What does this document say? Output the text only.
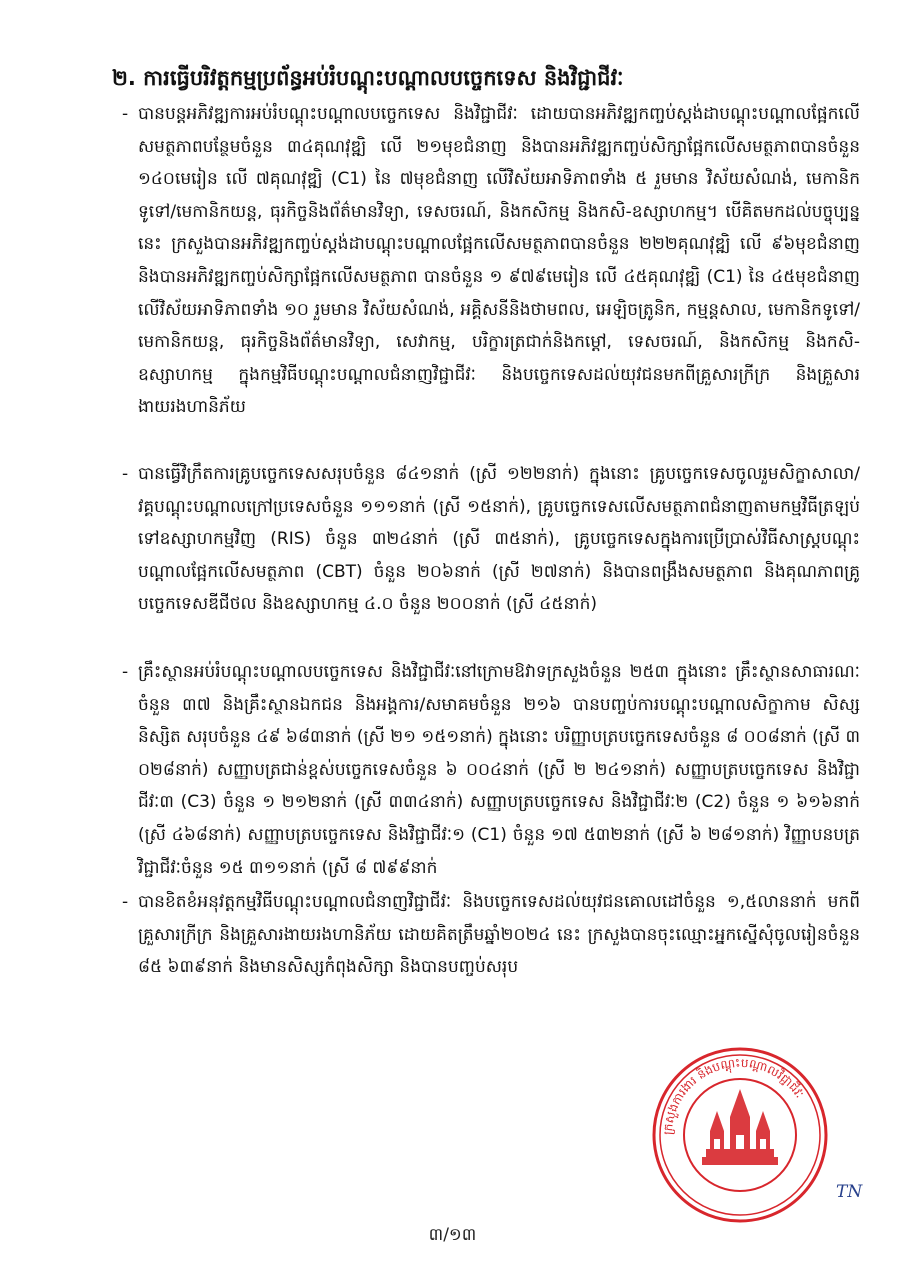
២. ការធ្វើបរិវត្តកម្មប្រព័ន្ធអប់រំបណ្តុះបណ្តាលបច្ចេកទេស និងវិជ្ជាជីវៈ
- បានបន្តអភិវឌ្ឍការអប់រំបណ្តុះបណ្តាលបច្ចេកទេស និងវិជ្ជាជីវៈ ដោយបានអភិវឌ្ឍកញ្ចប់ស្តង់ដាបណ្តុះបណ្តាលផ្អែកលើសមត្ថភាពបន្ថែមចំនួន ៣៤គុណវុឌ្ឍិ លើ ២១មុខជំនាញ និងបានអភិវឌ្ឍកញ្ចប់សិក្សាផ្អែកលើសមត្ថភាពបានចំនួន ១៤០មេរៀន លើ ៧គុណវុឌ្ឍិ (C1) នៃ ៧មុខជំនាញ លើវិស័យអាទិភាពទាំង ៥ រួមមាន វិស័យសំណង់, មេកានិកទូទៅ/មេកានិកយន្ត, ធុរកិច្ចនិងព័ត៌មានវិទ្យា, ទេសចរណ៍, និងកសិកម្ម និងកសិ-ឧស្សាហកម្ម។ បើគិតមកដល់បច្ចុប្បន្ននេះ ក្រសួងបានអភិវឌ្ឍកញ្ចប់ស្តង់ដាបណ្តុះបណ្តាលផ្អែកលើសមត្ថភាពបានចំនួន ២២២គុណវុឌ្ឍិ លើ ៩៦មុខជំនាញ និងបានអភិវឌ្ឍកញ្ចប់សិក្សាផ្អែកលើសមត្ថភាព បានចំនួន ១ ៩៧៩មេរៀន លើ ៤៥គុណវុឌ្ឍិ (C1) នៃ ៤៥មុខជំនាញ លើវិស័យអាទិភាពទាំង ១០ រួមមាន វិស័យសំណង់, អគ្គិសនីនិងថាមពល, អេឡិចត្រូនិក, កម្មន្តសាល, មេកានិកទូទៅ/មេកានិកយន្ត, ធុរកិច្ចនិងព័ត៌មានវិទ្យា, សេវាកម្ម, បរិក្ខារត្រជាក់និងកម្តៅ, ទេសចរណ៍, និងកសិកម្ម និងកសិ-ឧស្សាហកម្ម ក្នុងកម្មវិធីបណ្តុះបណ្តាលជំនាញវិជ្ជាជីវៈ និងបច្ចេកទេសដល់យុវជនមកពីគ្រួសារក្រីក្រ និងគ្រួសារងាយរងហានិភ័យ
- បានធ្វើវិក្រឹតការគ្រូបច្ចេកទេសសរុបចំនួន ៨៤១នាក់ (ស្រី ១២២នាក់) ក្នុងនោះ គ្រូបច្ចេកទេសចូលរួមសិក្ខាសាលា/វគ្គបណ្តុះបណ្តាលក្រៅប្រទេសចំនួន ១១១នាក់ (ស្រី ១៥នាក់), គ្រូបច្ចេកទេសលើសមត្ថភាពជំនាញតាមកម្មវិធីត្រឡប់ទៅឧស្សាហកម្មវិញ (RIS) ចំនួន ៣២៤នាក់ (ស្រី ៣៥នាក់), គ្រូបច្ចេកទេសក្នុងការប្រើប្រាស់វិធីសាស្ត្របណ្តុះបណ្តាលផ្អែកលើសមត្ថភាព (CBT) ចំនួន ២០៦នាក់ (ស្រី ២៧នាក់) និងបានពង្រឹងសមត្ថភាព និងគុណភាពគ្រូបច្ចេកទេសឌីជីថល និងឧស្សាហកម្ម ៤.០ ចំនួន ២០០នាក់ (ស្រី ៤៥នាក់)
- គ្រឹះស្ថានអប់រំបណ្តុះបណ្តាលបច្ចេកទេស និងវិជ្ជាជីវៈនៅក្រោមឱវាទក្រសួងចំនួន ២៥៣ ក្នុងនោះ គ្រឹះស្ថានសាធារណៈចំនួន ៣៧ និងគ្រឹះស្ថានឯកជន និងអង្គការ/សមាគមចំនួន ២១៦ បានបញ្ចប់ការបណ្តុះបណ្តាលសិក្ខាកាម សិស្ស និស្សិត សរុបចំនួន ៤៩ ៦៨៣នាក់ (ស្រី ២១ ១៥១នាក់) ក្នុងនោះ បរិញ្ញាបត្របច្ចេកទេសចំនួន ៨ ០០៨នាក់ (ស្រី ៣ ០២៨នាក់) សញ្ញាបត្រជាន់ខ្ពស់បច្ចេកទេសចំនួន ៦ ០០៤នាក់ (ស្រី ២ ២៤១នាក់) សញ្ញាបត្របច្ចេកទេស និងវិជ្ជាជីវៈ៣ (C3) ចំនួន ១ ២១២នាក់ (ស្រី ៣៣៤នាក់) សញ្ញាបត្របច្ចេកទេស និងវិជ្ជាជីវៈ២ (C2) ចំនួន ១ ៦១៦នាក់ (ស្រី ៤៦៨នាក់) សញ្ញាបត្របច្ចេកទេស និងវិជ្ជាជីវៈ១ (C1) ចំនួន ១៧ ៥៣២នាក់ (ស្រី ៦ ២៨១នាក់) វិញ្ញាបនបត្រវិជ្ជាជីវៈចំនួន ១៥ ៣១១នាក់ (ស្រី ៨ ៧៩៩នាក់
- បានខិតខំអនុវត្តកម្មវិធីបណ្តុះបណ្តាលជំនាញវិជ្ជាជីវៈ និងបច្ចេកទេសដល់យុវជនគោលដៅចំនួន ១,៥លាននាក់ មកពីគ្រួសារក្រីក្រ និងគ្រួសារងាយរងហានិភ័យ ដោយគិតត្រឹមឆ្នាំ២០២៤ នេះ ក្រសួងបានចុះឈ្មោះអ្នកស្នើសុំចូលរៀនចំនួន ៨៥ ៦៣៩នាក់ និងមានសិស្សកំពុងសិក្សា និងបានបញ្ចប់សរុប
ក្រសួងការងារ និងបណ្តុះបណ្តាលវិជ្ជាជីវៈ
TN
៣/១៣
